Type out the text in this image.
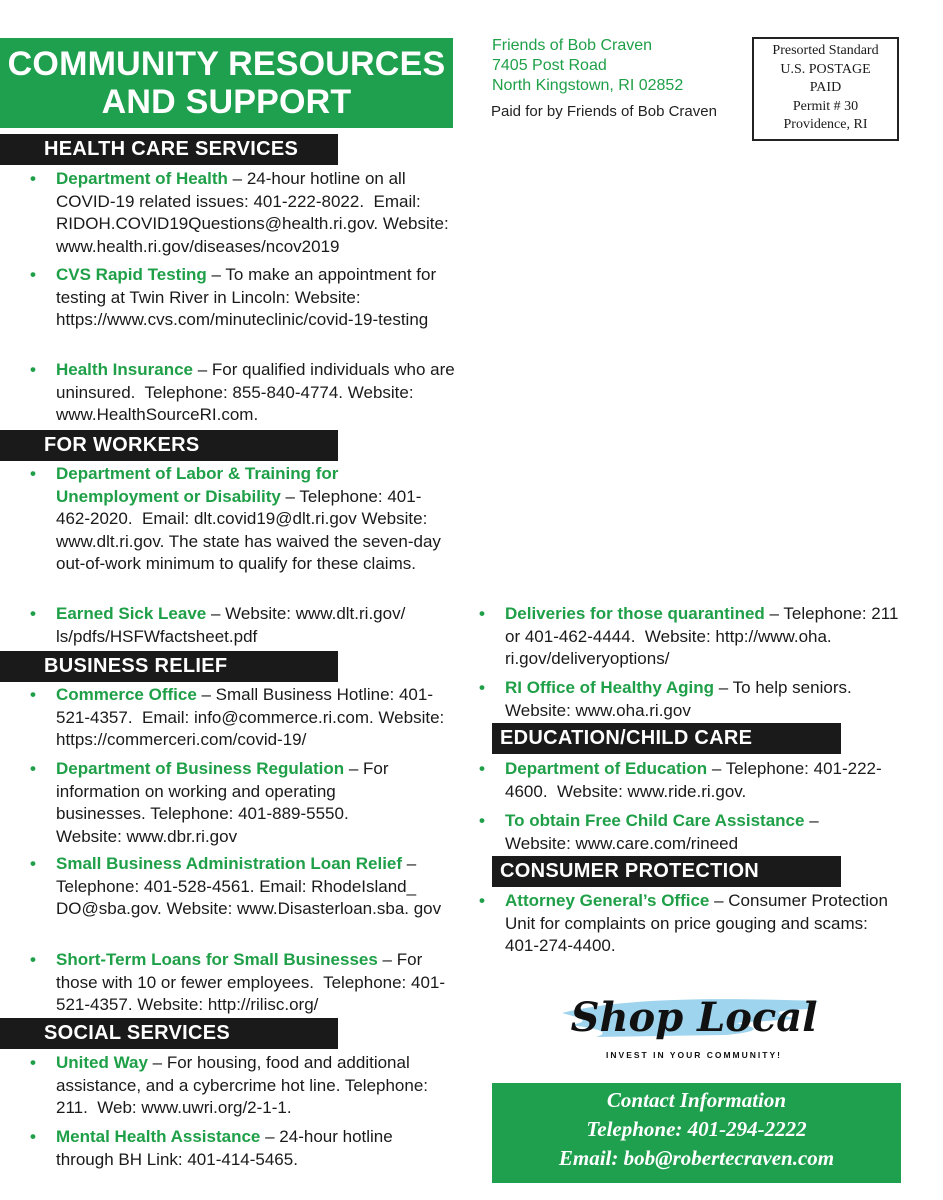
COMMUNITY RESOURCES
AND SUPPORT
Friends of Bob Craven
7405 Post Road
North Kingstown, RI 02852
Paid for by Friends of Bob Craven
Presorted Standard
U.S. POSTAGE
PAID
Permit # 30
Providence, RI
HEALTH CARE SERVICES
• Department of Health – 24-hour hotline on all COVID-19 related issues: 401-222-8022.  Email: RIDOH.COVID19Questions@health.ri.gov. Website: www.health.ri.gov/diseases/ncov2019
• CVS Rapid Testing – To make an appointment for testing at Twin River in Lincoln: Website: https://www.cvs.com/minuteclinic/covid-19-testing
• Health Insurance – For qualified individuals who are uninsured.  Telephone: 855-840-4774. Website: www.HealthSourceRI.com.
FOR WORKERS
• Department of Labor & Training for Unemployment or Disability – Telephone: 401-462-2020.  Email: dlt.covid19@dlt.ri.gov Website: www.dlt.ri.gov. The state has waived the seven-day out-of-work minimum to qualify for these claims.
• Earned Sick Leave – Website: www.dlt.ri.gov/ ls/pdfs/HSFWfactsheet.pdf
BUSINESS RELIEF
• Commerce Office – Small Business Hotline: 401-521-4357.  Email: info@commerce.ri.com. Website: https://commerceri.com/covid-19/
• Department of Business Regulation – For information on working and operating businesses. Telephone: 401-889-5550. Website: www.dbr.ri.gov
• Small Business Administration Loan Relief – Telephone: 401-528-4561. Email: RhodeIsland_ DO@sba.gov. Website: www.Disasterloan.sba. gov
• Short-Term Loans for Small Businesses – For those with 10 or fewer employees.  Telephone: 401-521-4357. Website: http://rilisc.org/
SOCIAL SERVICES
• United Way – For housing, food and additional assistance, and a cybercrime hot line. Telephone: 211.  Web: www.uwri.org/2-1-1.
• Mental Health Assistance – 24-hour hotline through BH Link: 401-414-5465.
• Deliveries for those quarantined – Telephone: 211 or 401-462-4444.  Website: http://www.oha. ri.gov/deliveryoptions/
• RI Office of Healthy Aging – To help seniors. Website: www.oha.ri.gov
EDUCATION/CHILD CARE
• Department of Education – Telephone: 401-222-4600.  Website: www.ride.ri.gov.
• To obtain Free Child Care Assistance – Website: www.care.com/rineed
CONSUMER PROTECTION
• Attorney General’s Office – Consumer Protection Unit for complaints on price gouging and scams: 401-274-4400.
Shop Local
INVEST IN YOUR COMMUNITY!
Contact Information
Telephone: 401-294-2222
Email: bob@robertecraven.com
